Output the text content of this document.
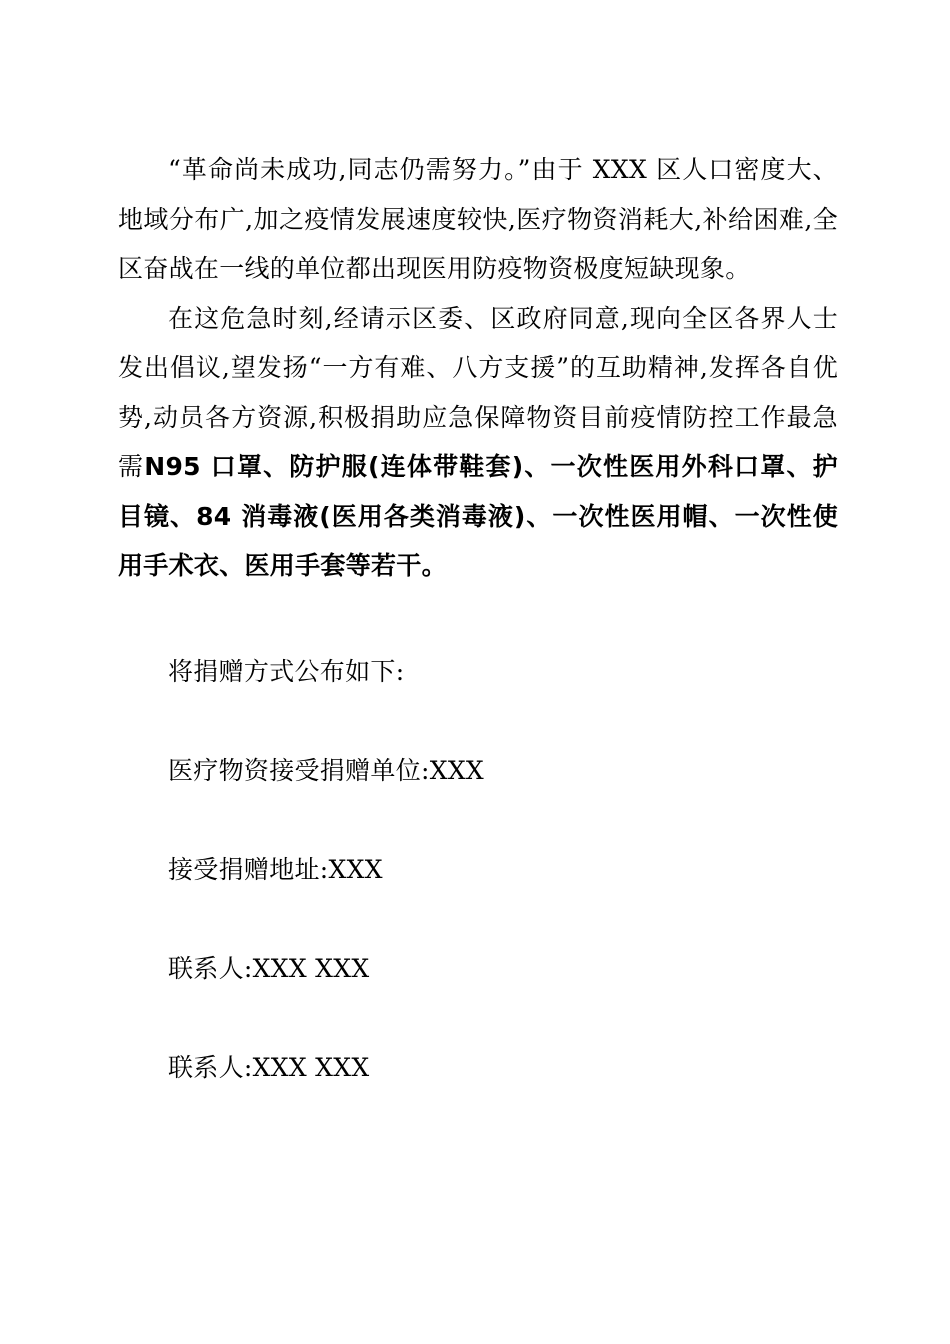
“革命尚未成功,同志仍需努力。”由于 XXX 区人口密度大、地域分布广,加之疫情发展速度较快,医疗物资消耗大,补给困难,全区奋战在一线的单位都出现医用防疫物资极度短缺现象。

在这危急时刻,经请示区委、区政府同意,现向全区各界人士发出倡议,望发扬“一方有难、八方支援”的互助精神,发挥各自优势,动员各方资源,积极捐助应急保障物资目前疫情防控工作最急需N95 口罩、防护服(连体带鞋套)、一次性医用外科口罩、护目镜、84 消毒液(医用各类消毒液)、一次性医用帽、一次性使用手术衣、医用手套等若干。

将捐赠方式公布如下:

医疗物资接受捐赠单位:XXX

接受捐赠地址:XXX

联系人:XXX XXX

联系人:XXX XXX
